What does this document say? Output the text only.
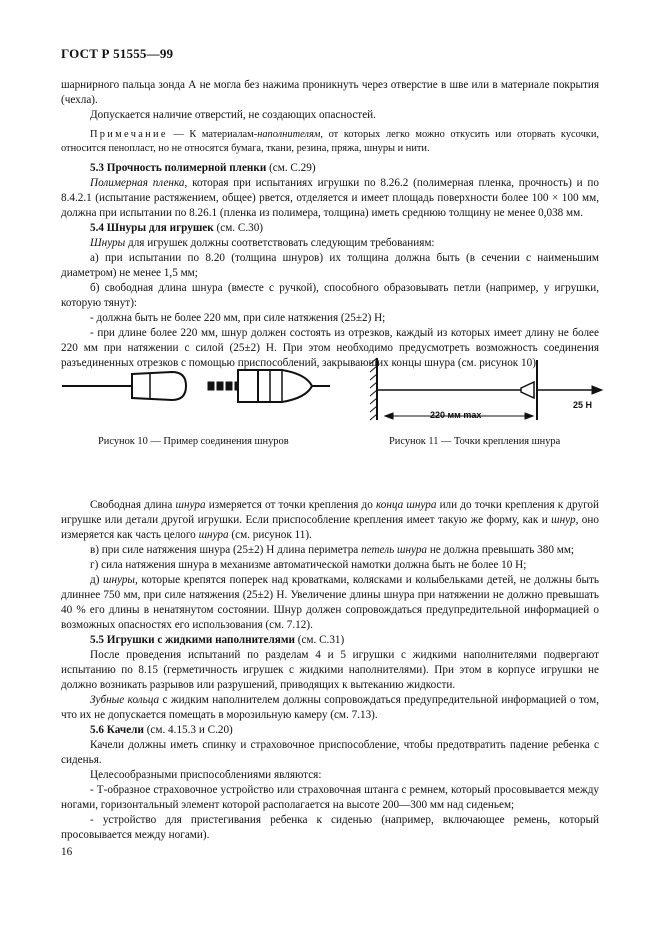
ГОСТ Р 51555—99

шарнирного пальца зонда А не могла без нажима проникнуть через отверстие в шве или в материале покрытия (чехла).

Допускается наличие отверстий, не создающих опасностей.

Примечание — К материалам-наполнителям, от которых легко можно откусить или оторвать кусочки, относится пенопласт, но не относятся бумага, ткани, резина, пряжа, шнуры и нити.

5.3 Прочность полимерной пленки (см. С.29)

Полимерная пленка, которая при испытаниях игрушки по 8.26.2 (полимерная пленка, прочность) и по 8.4.2.1 (испытание растяжением, общее) рвется, отделяется и имеет площадь поверхности более 100 × 100 мм, должна при испытании по 8.26.1 (пленка из полимера, толщина) иметь среднюю толщину не менее 0,038 мм.

5.4 Шнуры для игрушек (см. С.30)

Шнуры для игрушек должны соответствовать следующим требованиям:

а) при испытании по 8.20 (толщина шнуров) их толщина должна быть (в сечении с наименьшим диаметром) не менее 1,5 мм;

б) свободная длина шнура (вместе с ручкой), способного образовывать петли (например, у игрушки, которую тянут):

- должна быть не более 220 мм, при силе натяжения (25±2) Н;

- при длине более 220 мм, шнур должен состоять из отрезков, каждый из которых имеет длину не более 220 мм при натяжении с силой (25±2) Н. При этом необходимо предусмотреть возможность соединения разъединенных отрезков с помощью приспособлений, закрывающих концы шнура (см. рисунок 10).

220 мм max
25 Н
Рисунок 10 — Пример соединения шнуров	Рисунок 11 — Точки крепления шнура

Свободная длина шнура измеряется от точки крепления до конца шнура или до точки крепления к другой игрушке или детали другой игрушки. Если приспособление крепления имеет такую же форму, как и шнур, оно измеряется как часть целого шнура (см. рисунок 11).

в) при силе натяжения шнура (25±2) Н длина периметра петель шнура не должна превышать 380 мм;

г) сила натяжения шнура в механизме автоматической намотки должна быть не более 10 Н;

д) шнуры, которые крепятся поперек над кроватками, колясками и колыбельками детей, не должны быть длиннее 750 мм, при силе натяжения (25±2) Н. Увеличение длины шнура при натяжении не должно превышать 40 % его длины в ненатянутом состоянии. Шнур должен сопровождаться предупредительной информацией о возможных опасностях его использования (см. 7.12).

5.5 Игрушки с жидкими наполнителями (см. С.31)

После проведения испытаний по разделам 4 и 5 игрушки с жидкими наполнителями подвергают испытанию по 8.15 (герметичность игрушек с жидкими наполнителями). При этом в корпусе игрушки не должно возникать разрывов или разрушений, приводящих к вытеканию жидкости.

Зубные кольца с жидким наполнителем должны сопровождаться предупредительной информацией о том, что их не допускается помещать в морозильную камеру (см. 7.13).

5.6 Качели (см. 4.15.3 и С.20)

Качели должны иметь спинку и страховочное приспособление, чтобы предотвратить падение ребенка с сиденья.

Целесообразными приспособлениями являются:

- Т-образное страховочное устройство или страховочная штанга с ремнем, который просовывается между ногами, горизонтальный элемент которой располагается на высоте 200—300 мм над сиденьем;

- устройство для пристегивания ребенка к сиденью (например, включающее ремень, который просовывается между ногами).

16
